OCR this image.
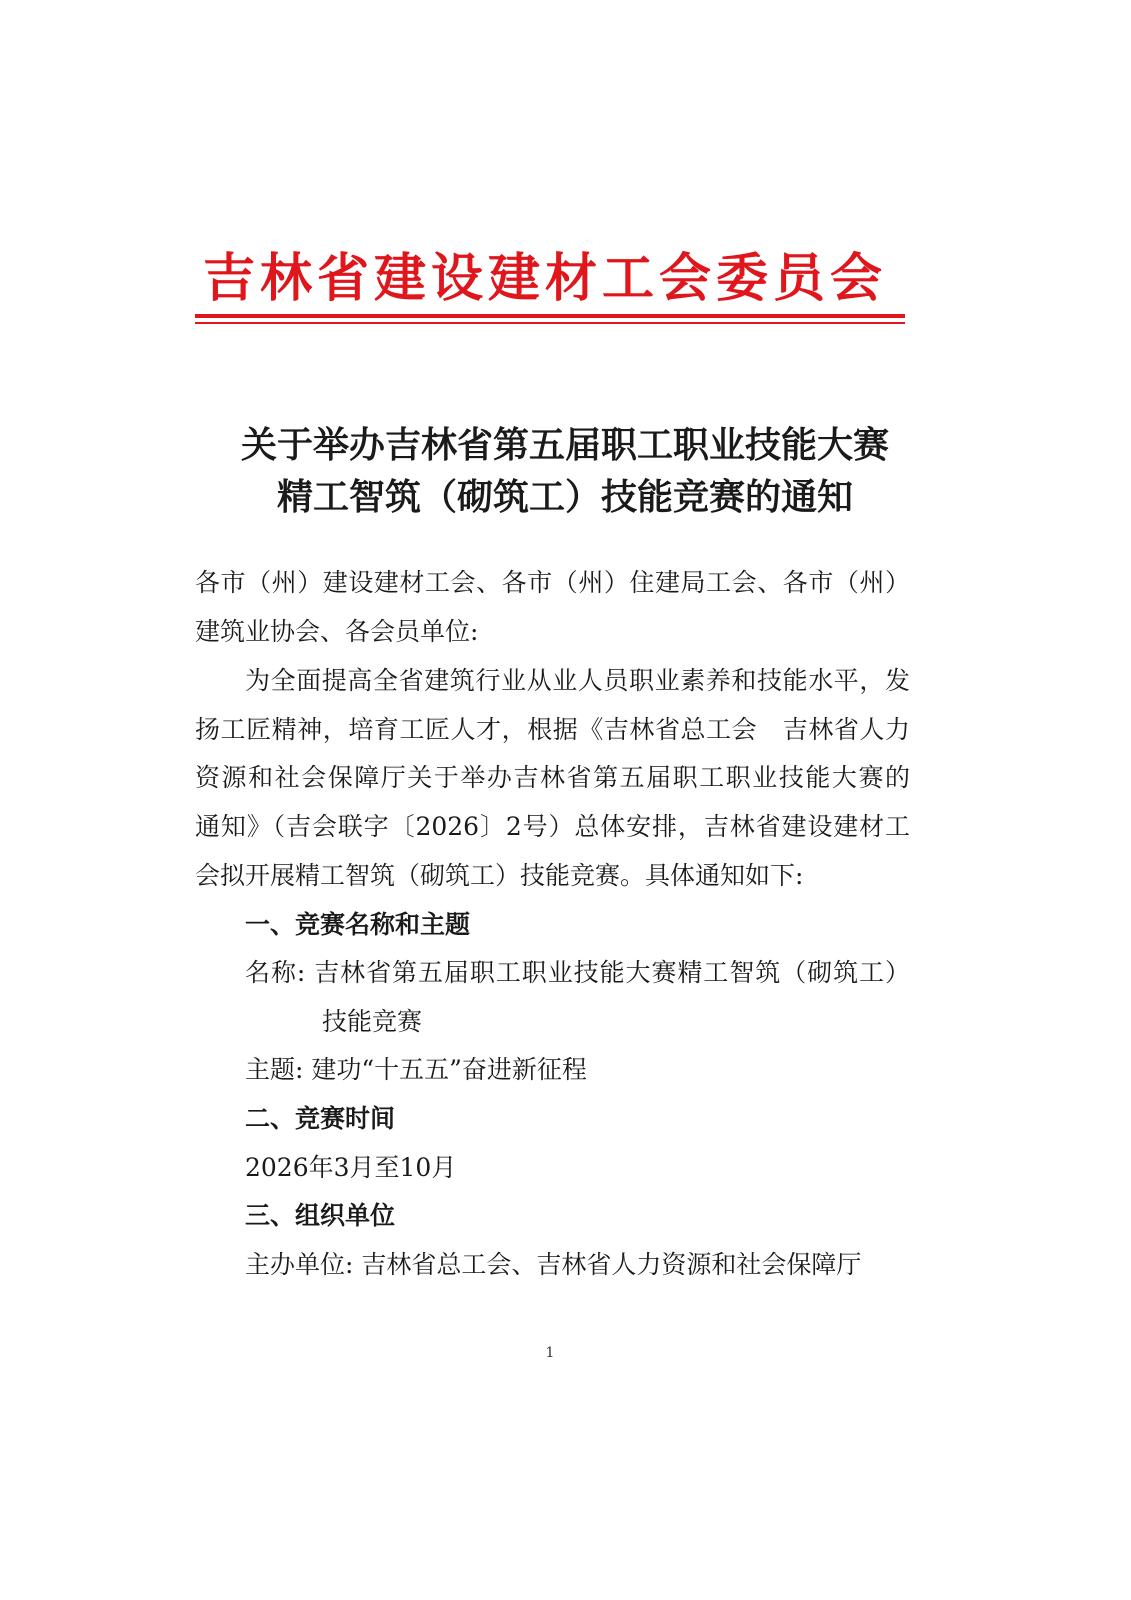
吉林省建设建材工会委员会
关于举办吉林省第五届职工职业技能大赛
精工智筑（砌筑工）技能竞赛的通知
各市（州）建设建材工会、各市（州）住建局工会、各市（州）
建筑业协会、各会员单位:
为全面提高全省建筑行业从业人员职业素养和技能水平，发
扬工匠精神，培育工匠人才，根据《吉林省总工会　吉林省人力
资源和社会保障厅关于举办吉林省第五届职工职业技能大赛的
通知》（吉会联字〔2026〕2号）总体安排，吉林省建设建材工
会拟开展精工智筑（砌筑工）技能竞赛。具体通知如下:
一、竞赛名称和主题
名称: 吉林省第五届职工职业技能大赛精工智筑（砌筑工）
技能竞赛
主题: 建功“十五五”奋进新征程
二、竞赛时间
2026年3月至10月
三、组织单位
主办单位: 吉林省总工会、吉林省人力资源和社会保障厅
1
